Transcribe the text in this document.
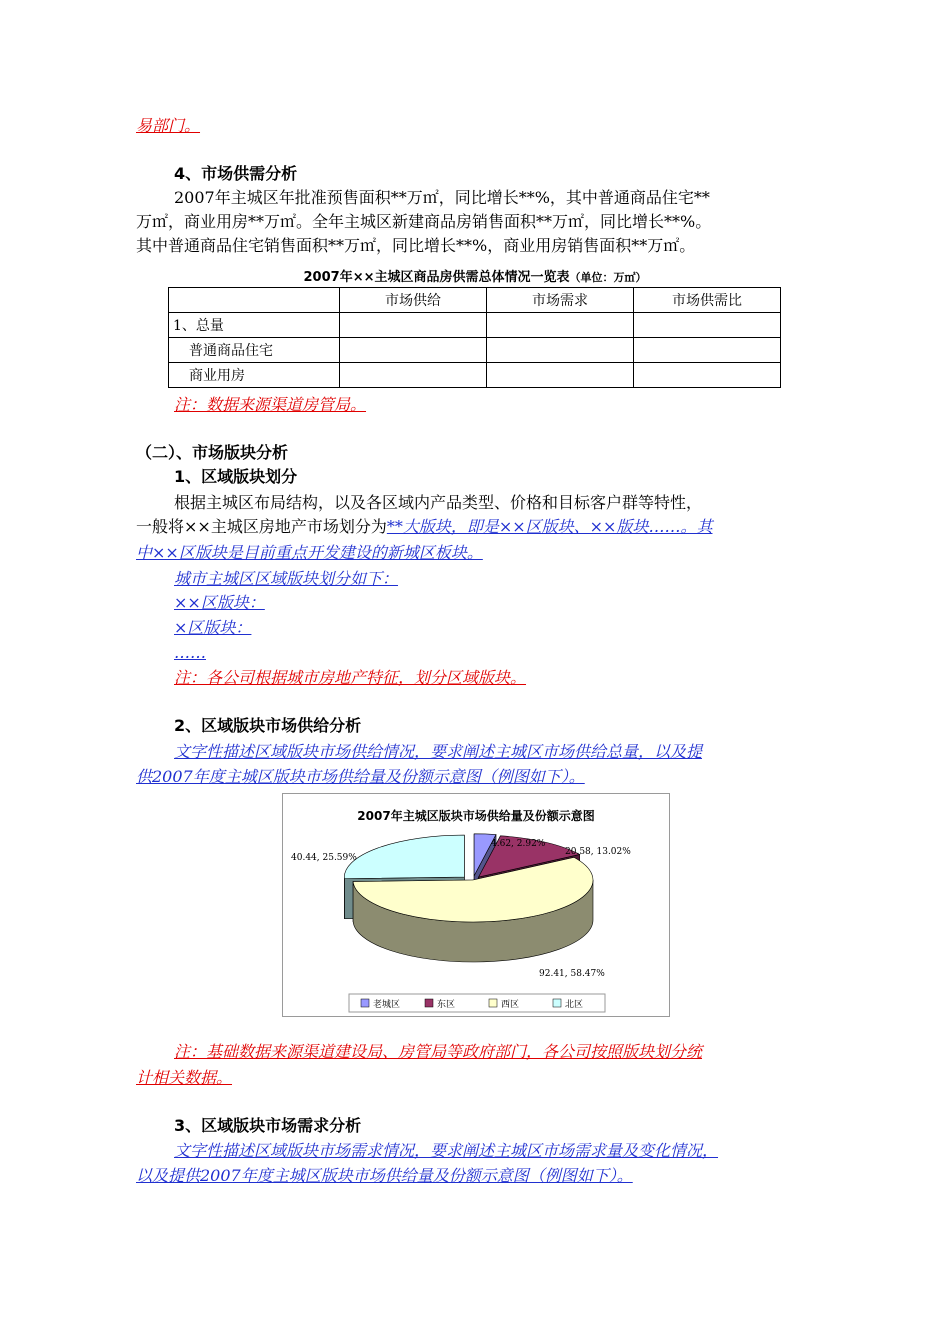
易部门。
4、市场供需分析
2007年主城区年批准预售面积**万㎡，同比增长**%，其中普通商品住宅**
万㎡，商业用房**万㎡。全年主城区新建商品房销售面积**万㎡，同比增长**%。
其中普通商品住宅销售面积**万㎡，同比增长**%，商业用房销售面积**万㎡。
2007年××主城区商品房供需总体情况一览表（单位：万㎡）
	市场供给	市场需求	市场供需比
1、总量			
普通商品住宅			
商业用房			
注：数据来源渠道房管局。
（二）、市场版块分析
1、区域版块划分
根据主城区布局结构，以及各区域内产品类型、价格和目标客户群等特性，
一般将××主城区房地产市场划分为**大版块，即是××区版块、××版块……。其
中××区版块是目前重点开发建设的新城区板块。
城市主城区区域版块划分如下：
××区版块：
×区版块：
……
注：各公司根据城市房地产特征，划分区域版块。
2、区域版块市场供给分析
文字性描述区域版块市场供给情况，要求阐述主城区市场供给总量，以及提
供2007年度主城区版块市场供给量及份额示意图（例图如下）。
2007年主城区版块市场供给量及份额示意图
4.62, 2.92%
20.58, 13.02%
92.41, 58.47%
40.44, 25.59%
老城区	东区	西区	北区
注：基础数据来源渠道建设局、房管局等政府部门，各公司按照版块划分统
计相关数据。
3、区域版块市场需求分析
文字性描述区域版块市场需求情况，要求阐述主城区市场需求量及变化情况，
以及提供2007年度主城区版块市场供给量及份额示意图（例图如下）。
